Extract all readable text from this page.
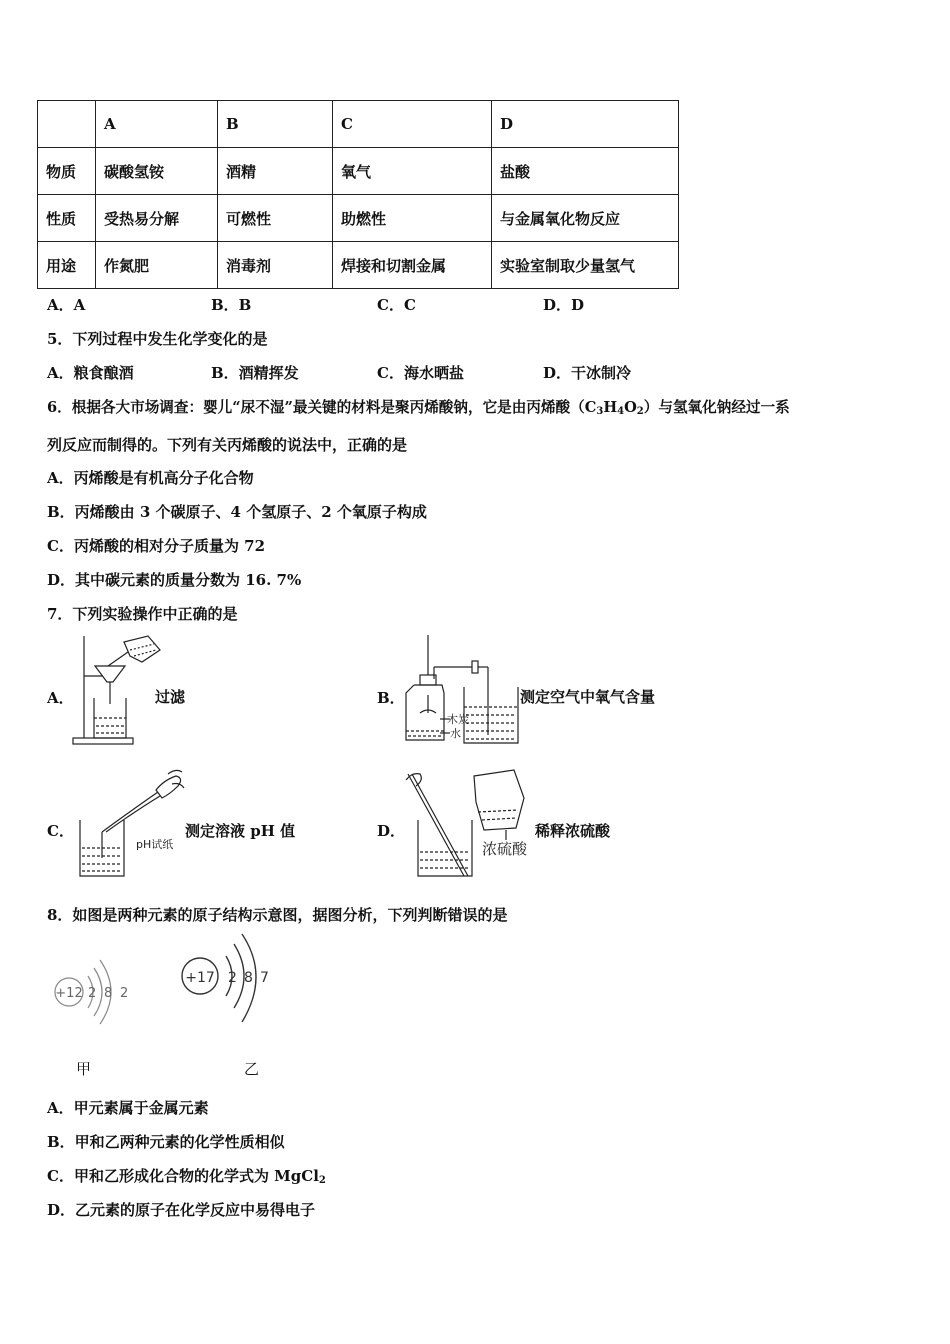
	A	B	C	D
物质	碳酸氢铵	酒精	氧气	盐酸
性质	受热易分解	可燃性	助燃性	与金属氧化物反应
用途	作氮肥	消毒剂	焊接和切割金属	实验室制取少量氢气
A．A	B．B	C．C	D．D
5．下列过程中发生化学变化的是
A．粮食酿酒	B．酒精挥发	C．海水晒盐	D．干冰制冷
6．根据各大市场调查：婴儿“尿不湿”最关键的材料是聚丙烯酸钠，它是由丙烯酸$(C_3H_4O_2)$与氢氧化钠经过一系
列反应而制得的。下列有关丙烯酸的说法中，正确的是
A．丙烯酸是有机高分子化合物
B．丙烯酸由 3 个碳原子、4 个氢原子、2 个氧原子构成
C．丙烯酸的相对分子质量为 72
D．其中碳元素的质量分数为 16. 7%
7．下列实验操作中正确的是
A．	过滤	B．	测定空气中氧气含量
C．	测定溶液 pH 值	D．	稀释浓硫酸
木炭
水
pH试纸	浓硫酸
8．如图是两种元素的原子结构示意图，据图分析，下列判断错误的是
+12 2 8 2
+17 2 8 7
甲	乙
A．甲元素属于金属元素
B．甲和乙两种元素的化学性质相似
C．甲和乙形成化合物的化学式为 MgCl$_2$
D．乙元素的原子在化学反应中易得电子
